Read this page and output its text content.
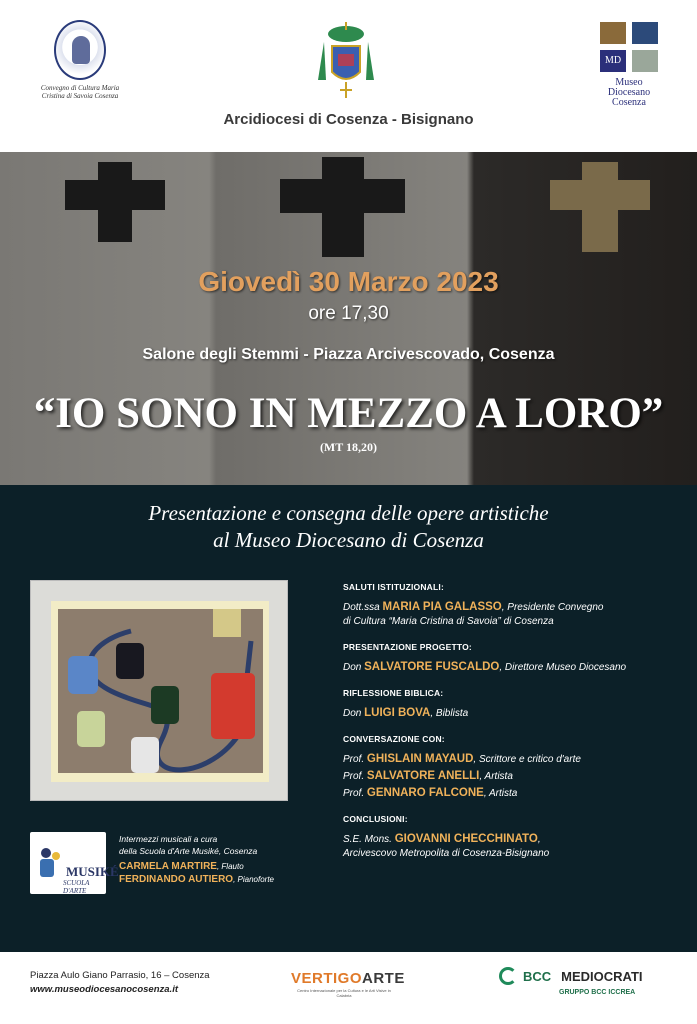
Convegno di Cultura Maria Cristina di Savoia Cosenza
Arcidiocesi di Cosenza - Bisignano
MD
Museo
Diocesano
Cosenza
Giovedì 30 Marzo 2023
ore 17,30
Salone degli Stemmi - Piazza Arcivescovado, Cosenza
“IO SONO IN MEZZO A LORO”
(MT 18,20)
Presentazione e consegna delle opere artistiche
al Museo Diocesano di Cosenza
MUSIKÉ
SCUOLA D'ARTE
Intermezzi musicali a cura
della Scuola d'Arte Musiké, Cosenza
CARMELA MARTIRE, Flauto
FERDINANDO AUTIERO, Pianoforte
SALUTI ISTITUZIONALI:
Dott.ssa MARIA PIA GALASSO, Presidente Convegno
di Cultura “Maria Cristina di Savoia” di Cosenza
PRESENTAZIONE PROGETTO:
Don SALVATORE FUSCALDO, Direttore Museo Diocesano
RIFLESSIONE BIBLICA:
Don LUIGI BOVA, Biblista
CONVERSAZIONE CON:
Prof. GHISLAIN MAYAUD, Scrittore e critico d'arte
Prof. SALVATORE ANELLI, Artista
Prof. GENNARO FALCONE, Artista
CONCLUSIONI:
S.E. Mons. GIOVANNI CHECCHINATO,
Arcivescovo Metropolita di Cosenza-Bisignano
Piazza Aulo Giano Parrasio, 16 – Cosenza
www.museodiocesanocosenza.it
VERTIGOARTE
Centro Internazionale per la Cultura e le Arti Visive in Calabria
BCC MEDIOCRATI
GRUPPO BCC ICCREA
